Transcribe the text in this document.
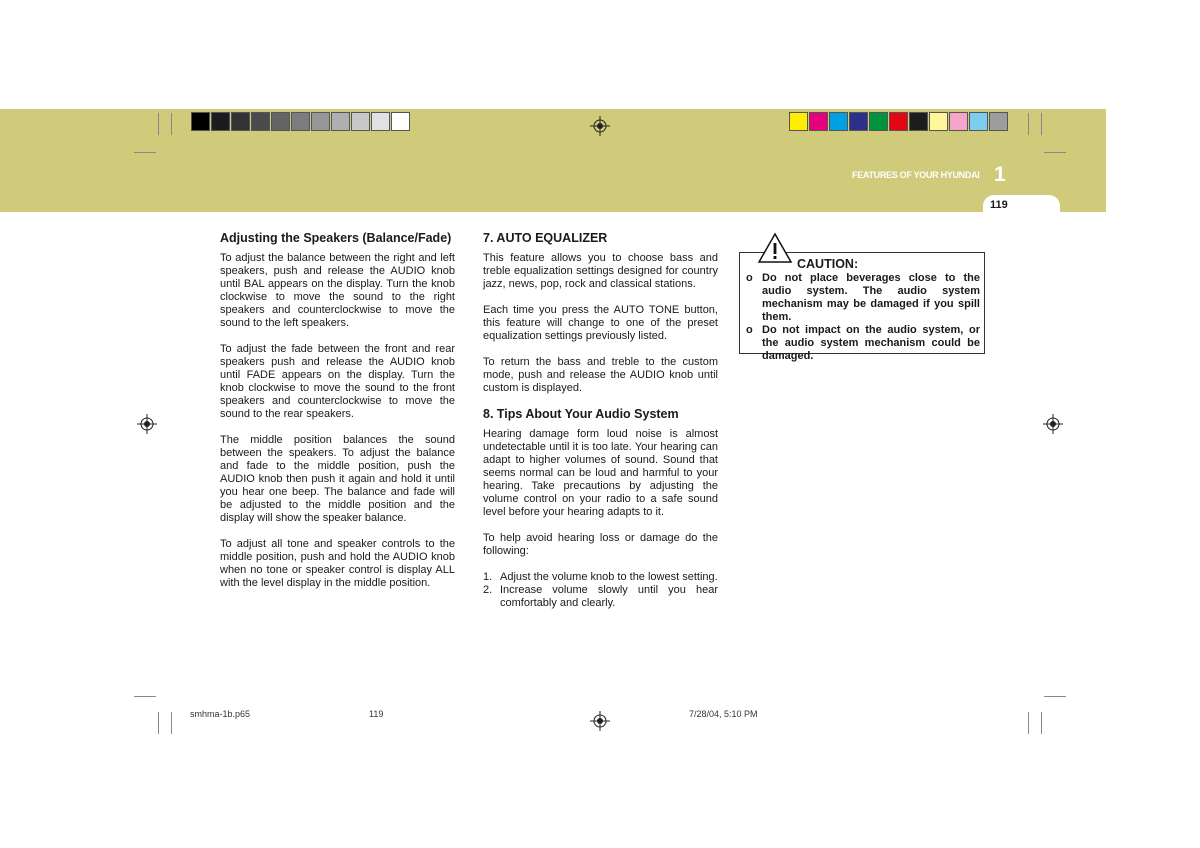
FEATURES OF YOUR HYUNDAI 1
119
Adjusting the Speakers (Balance/Fade)

To adjust the balance between the right and left speakers, push and release the AUDIO knob until BAL appears on the display. Turn the knob clockwise to move the sound to the right speakers and counterclockwise to move the sound to the left speakers.

To adjust the fade between the front and rear speakers push and release the AUDIO knob until FADE appears on the display. Turn the knob clockwise to move the sound to the front speakers and counterclockwise to move the sound to the rear speakers.

The middle position balances the sound between the speakers. To adjust the balance and fade to the middle position, push the AUDIO knob then push it again and hold it until you hear one beep. The balance and fade will be adjusted to the middle position and the display will show the speaker balance.

To adjust all tone and speaker controls to the middle position, push and hold the AUDIO knob when no tone or speaker control is display ALL with the level display in the middle position.

7. AUTO EQUALIZER

This feature allows you to choose bass and treble equalization settings designed for country jazz, news, pop, rock and classical stations.

Each time you press the AUTO TONE button, this feature will change to one of the preset equalization settings previously listed.

To return the bass and treble to the custom mode, push and release the AUDIO knob until custom is displayed.

8. Tips About Your Audio System

Hearing damage form loud noise is almost undetectable until it is too late. Your hearing can adapt to higher volumes of sound. Sound that seems normal can be loud and harmful to your hearing. Take precautions by adjusting the volume control on your radio to a safe sound level before your hearing adapts to it.

To help avoid hearing loss or damage do the following:

1. Adjust the volume knob to the lowest setting.
2. Increase volume slowly until you hear comfortably and clearly.
CAUTION:
o Do not place beverages close to the audio system. The audio system mechanism may be damaged if you spill them.
o Do not impact on the audio system, or the audio system mechanism could be damaged.
smhma-1b.p65	119	7/28/04, 5:10 PM
